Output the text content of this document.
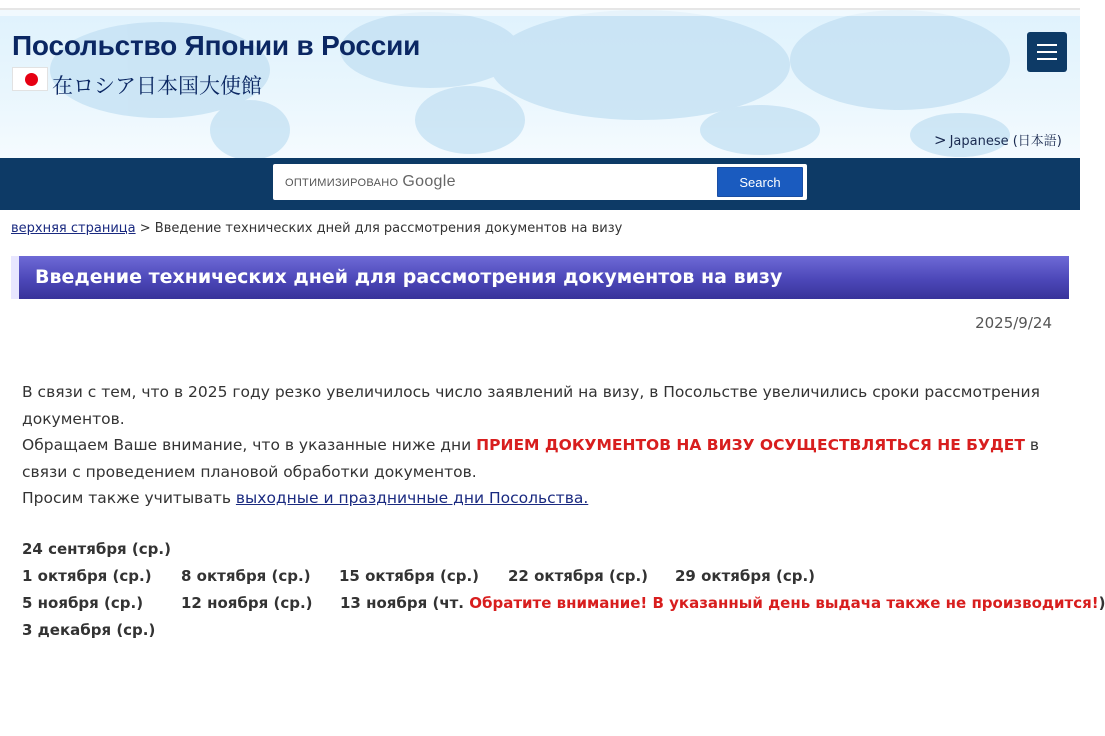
Посольство Японии в России
在ロシア日本国大使館
> Japanese (日本語)
ОПТИМИЗИРОВАНО Google	Search
верхняя страница > Введение технических дней для рассмотрения документов на визу
Введение технических дней для рассмотрения документов на визу
2025/9/24
В связи с тем, что в 2025 году резко увеличилось число заявлений на визу, в Посольстве увеличились сроки рассмотрения документов.
Обращаем Ваше внимание, что в указанные ниже дни ПРИЕМ ДОКУМЕНТОВ НА ВИЗУ ОСУЩЕСТВЛЯТЬСЯ НЕ БУДЕТ в связи с проведением плановой обработки документов.
Просим также учитывать выходные и праздничные дни Посольства.
24 сентября (ср.)
1 октября (ср.) 8 октября (ср.) 15 октября (ср.) 22 октября (ср.) 29 октября (ср.)
5 ноября (ср.)	12 ноября (ср.) 13 ноября (чт. Обратите внимание! В указанный день выдача также не производится!)
3 декабря (ср.)
